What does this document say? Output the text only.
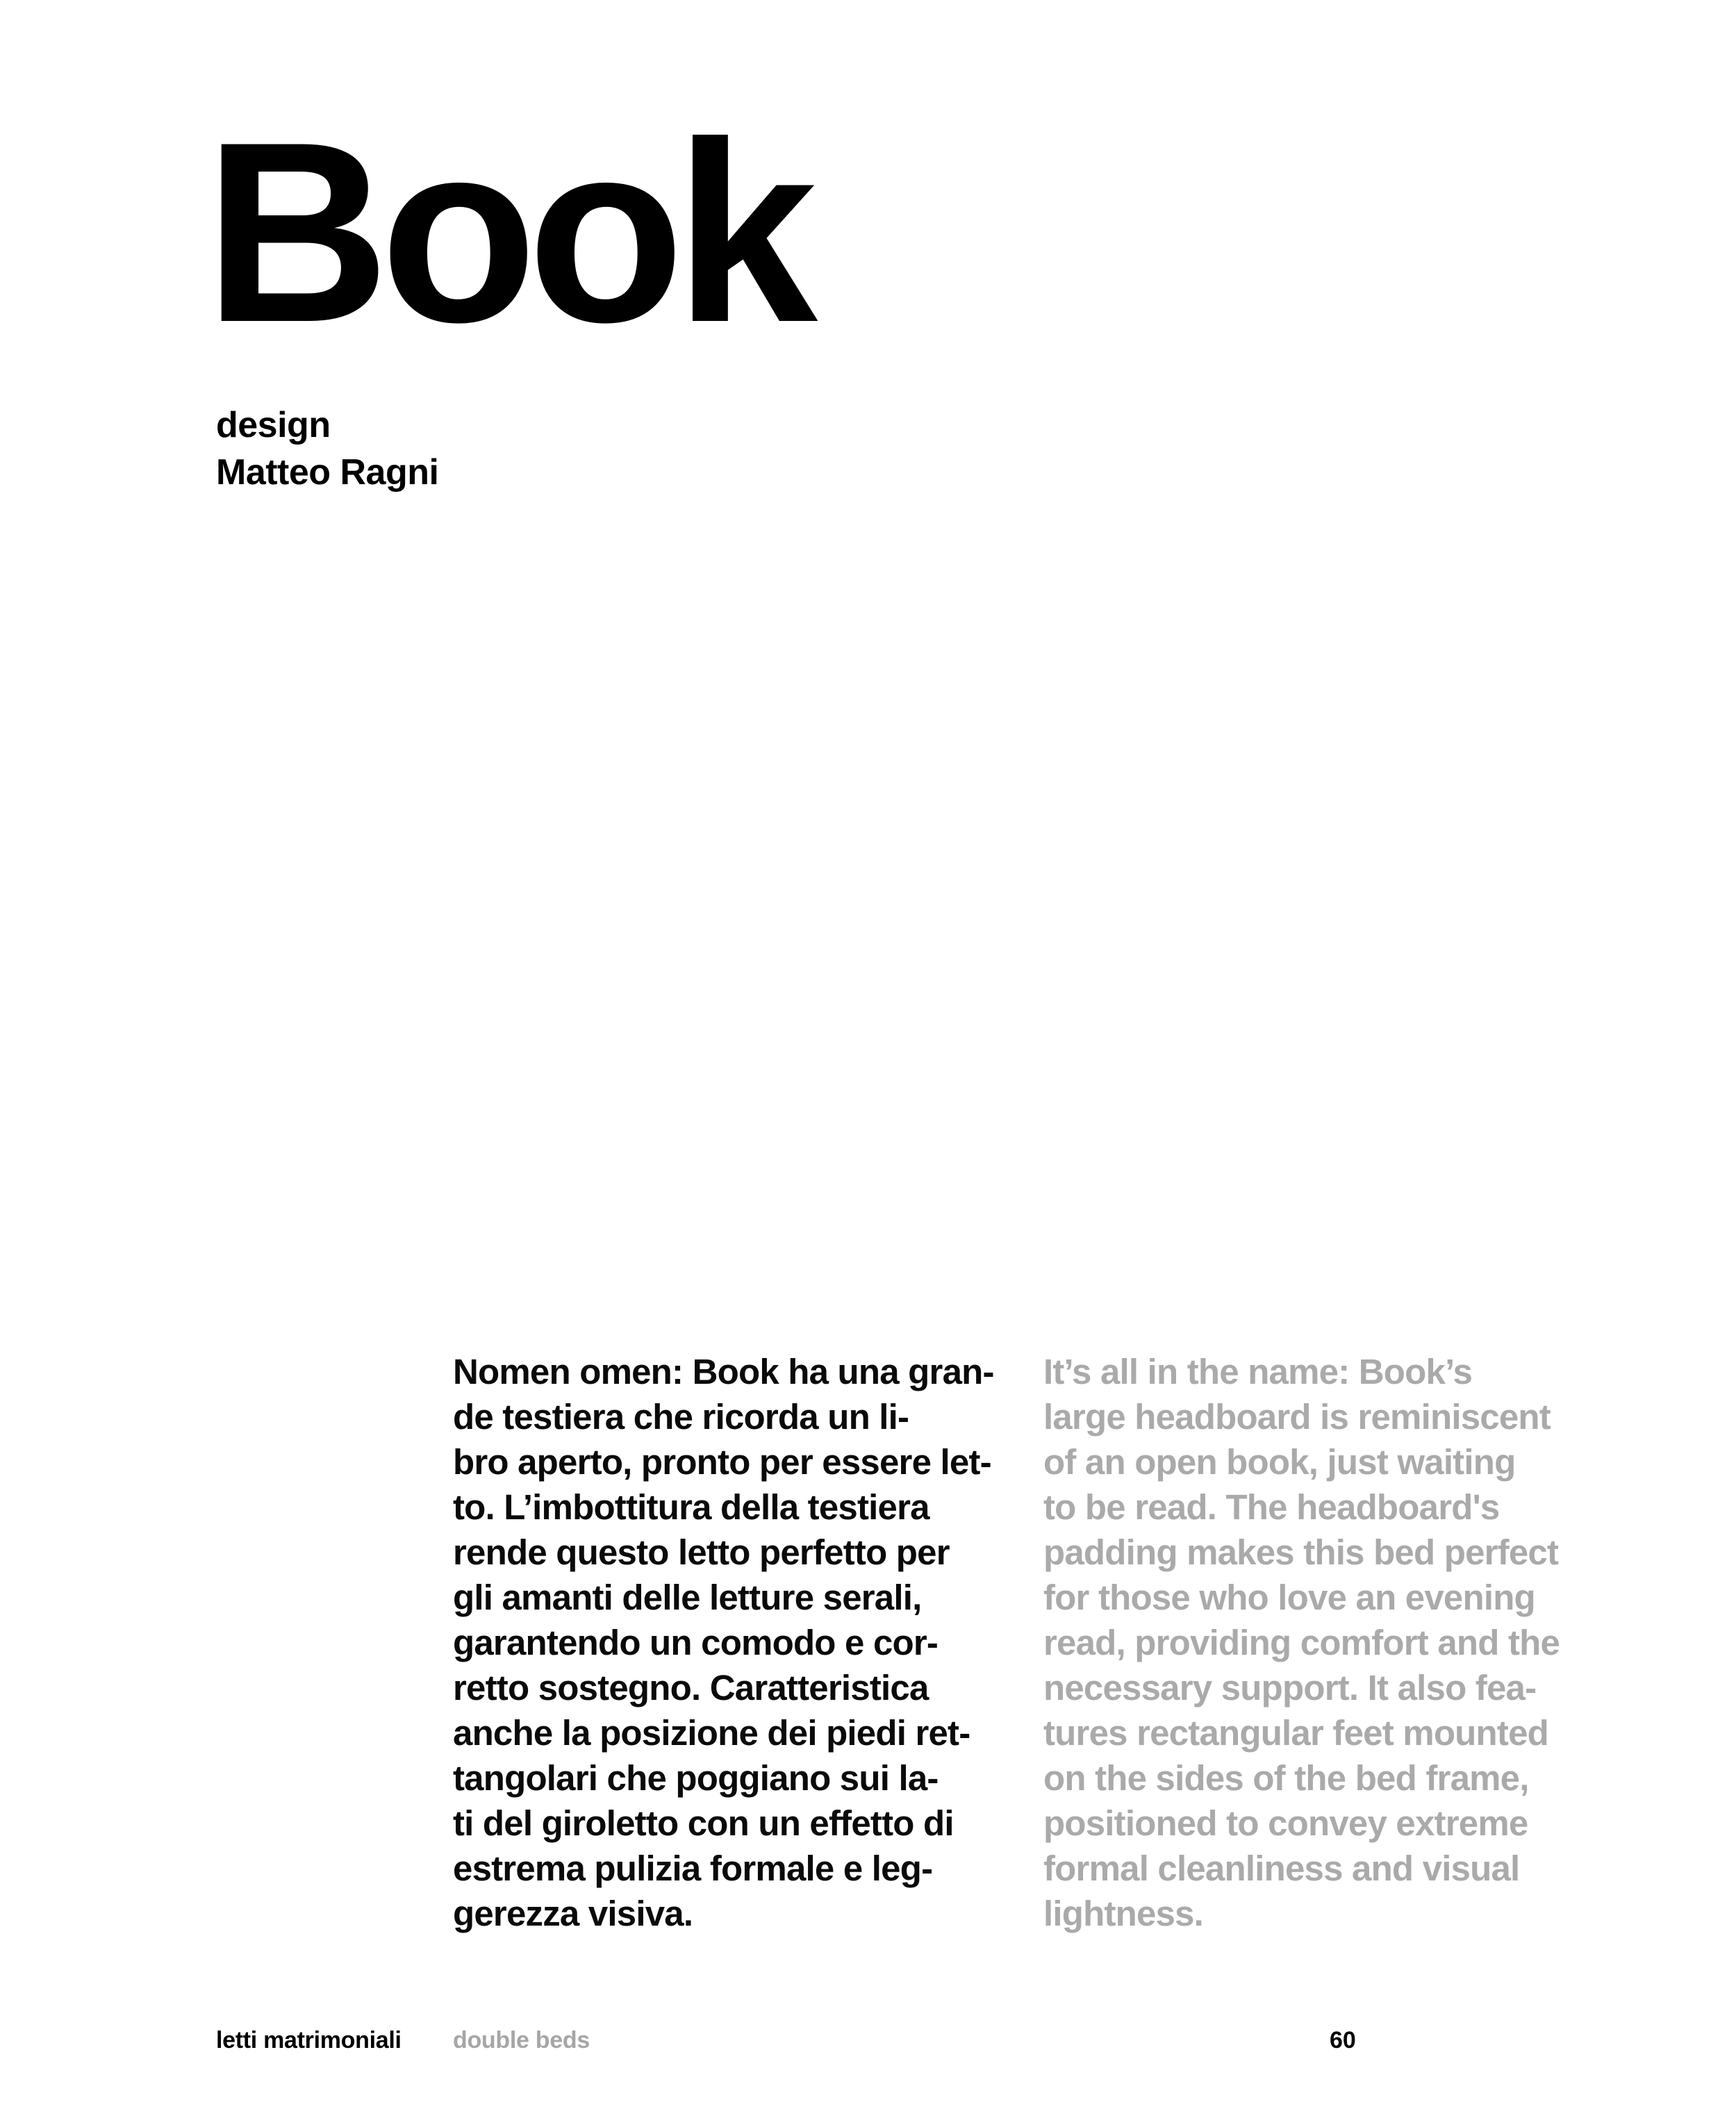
Book
design
Matteo Ragni
Nomen omen: Book ha una gran-
de testiera che ricorda un li-
bro aperto, pronto per essere let-
to. L’imbottitura della testiera
rende questo letto perfetto per
gli amanti delle letture serali,
garantendo un comodo e cor-
retto sostegno. Caratteristica
anche la posizione dei piedi ret-
tangolari che poggiano sui la-
ti del giroletto con un effetto di
estrema pulizia formale e leg-
gerezza visiva.
It’s all in the name: Book’s
large headboard is reminiscent
of an open book, just waiting
to be read. The headboard's
padding makes this bed perfect
for those who love an evening
read, providing comfort and the
necessary support. It also fea-
tures rectangular feet mounted
on the sides of the bed frame,
positioned to convey extreme
formal cleanliness and visual
lightness.
letti matrimoniali double beds	60
